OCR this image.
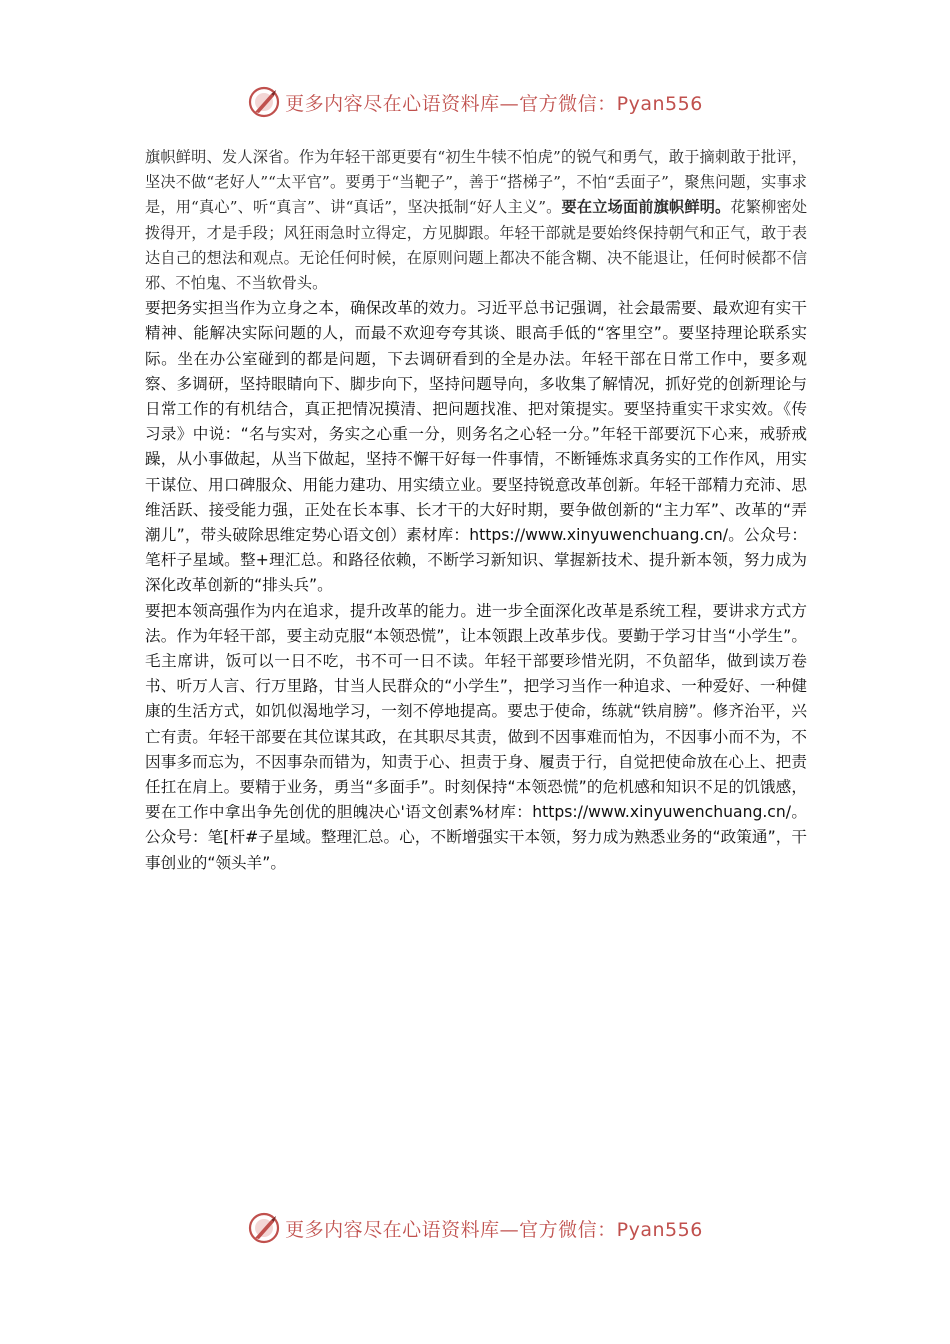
更多内容尽在心语资料库—官方微信：Pyan556

旗帜鲜明、发人深省。作为年轻干部更要有“初生牛犊不怕虎”的锐气和勇气，敢于摘刺敢于批评，坚决不做“老好人”“太平官”。要勇于“当靶子”，善于“搭梯子”，不怕“丢面子”，聚焦问题，实事求是，用“真心”、听“真言”、讲“真话”，坚决抵制“好人主义”。要在立场面前旗帜鲜明。花繁柳密处拨得开，才是手段；风狂雨急时立得定，方见脚跟。年轻干部就是要始终保持朝气和正气，敢于表达自己的想法和观点。无论任何时候，在原则问题上都决不能含糊、决不能退让，任何时候都不信邪、不怕鬼、不当软骨头。

要把务实担当作为立身之本，确保改革的效力。习近平总书记强调，社会最需要、最欢迎有实干精神、能解决实际问题的人，而最不欢迎夸夸其谈、眼高手低的“客里空”。要坚持理论联系实际。坐在办公室碰到的都是问题，下去调研看到的全是办法。年轻干部在日常工作中，要多观察、多调研，坚持眼睛向下、脚步向下，坚持问题导向，多收集了解情况，抓好党的创新理论与日常工作的有机结合，真正把情况摸清、把问题找准、把对策提实。要坚持重实干求实效。《传习录》中说：“名与实对，务实之心重一分，则务名之心轻一分。”年轻干部要沉下心来，戒骄戒躁，从小事做起，从当下做起，坚持不懈干好每一件事情，不断锤炼求真务实的工作作风，用实干谋位、用口碑服众、用能力建功、用实绩立业。要坚持锐意改革创新。年轻干部精力充沛、思维活跃、接受能力强，正处在长本事、长才干的大好时期，要争做创新的“主力军”、改革的“弄潮儿”，带头破除思维定势心语文创）素材库：https://www.xinyuwenchuang.cn/。公众号：笔杆子星域。整+理汇总。和路径依赖，不断学习新知识、掌握新技术、提升新本领，努力成为深化改革创新的“排头兵”。

要把本领高强作为内在追求，提升改革的能力。进一步全面深化改革是系统工程，要讲求方式方法。作为年轻干部，要主动克服“本领恐慌”，让本领跟上改革步伐。要勤于学习甘当“小学生”。毛主席讲，饭可以一日不吃，书不可一日不读。年轻干部要珍惜光阴，不负韶华，做到读万卷书、听万人言、行万里路，甘当人民群众的“小学生”，把学习当作一种追求、一种爱好、一种健康的生活方式，如饥似渴地学习，一刻不停地提高。要忠于使命，练就“铁肩膀”。修齐治平，兴亡有责。年轻干部要在其位谋其政，在其职尽其责，做到不因事难而怕为，不因事小而不为，不因事多而忘为，不因事杂而错为，知责于心、担责于身、履责于行，自觉把使命放在心上、把责任扛在肩上。要精于业务，勇当“多面手”。时刻保持“本领恐慌”的危机感和知识不足的饥饿感，要在工作中拿出争先创优的胆魄决心'语文创素%材库：https://www.xinyuwenchuang.cn/。公众号：笔[杆#子星域。整理汇总。心，不断增强实干本领，努力成为熟悉业务的“政策通”，干事创业的“领头羊”。

更多内容尽在心语资料库—官方微信：Pyan556
